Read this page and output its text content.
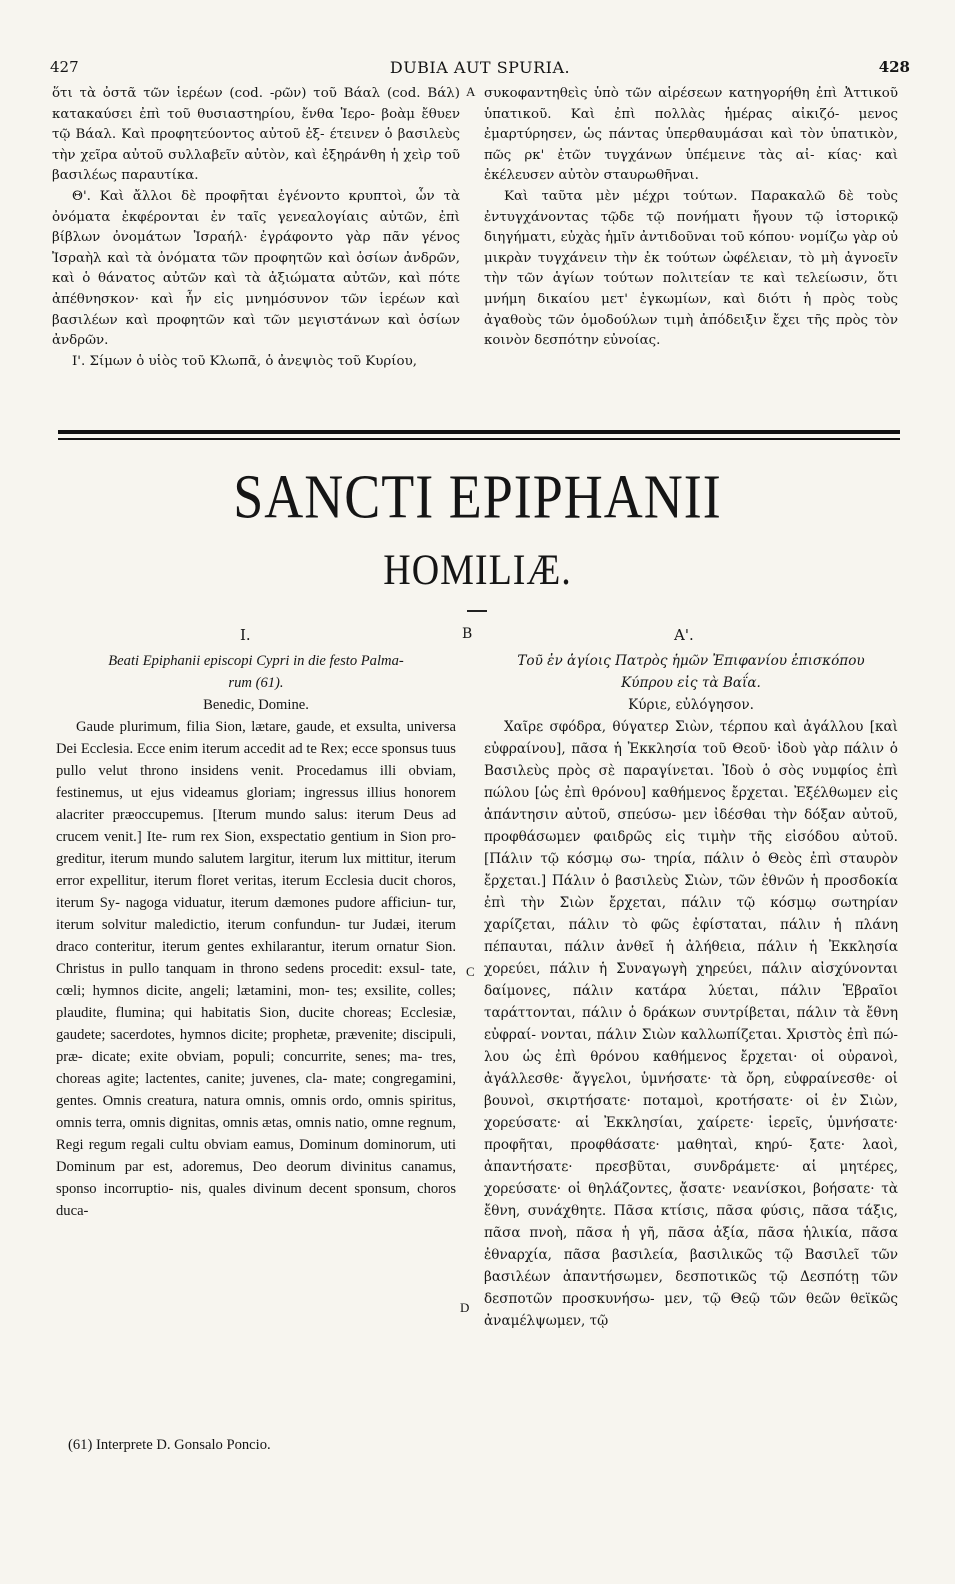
427	DUBIA AUT SPURIA.	428

ὅτι τὰ ὀστᾶ τῶν ἱερέων (cod. -ρῶν) τοῦ Βάαλ (cod. Βάλ) κατακαύσει ἐπὶ τοῦ θυσιαστηρίου, ἔνθα Ἱερο- βοὰμ ἔθυεν τῷ Βάαλ. Καὶ προφητεύοντος αὐτοῦ ἐξ- έτεινεν ὁ βασιλεὺς τὴν χεῖρα αὐτοῦ συλλαβεῖν αὐτὸν, καὶ ἐξηράνθη ἡ χεὶρ τοῦ βασιλέως παραυτίκα.

Θ'. Καὶ ἄλλοι δὲ προφῆται ἐγένοντο κρυπτοὶ, ὧν τὰ ὀνόματα ἐκφέρονται ἐν ταῖς γενεαλογίαις αὐτῶν, ἐπὶ βίβλων ὀνομάτων Ἰσραήλ· ἐγράφοντο γὰρ πᾶν γένος Ἰσραὴλ καὶ τὰ ὀνόματα τῶν προφητῶν καὶ ὁσίων ἀνδρῶν, καὶ ὁ θάνατος αὐτῶν καὶ τὰ ἀξιώματα αὐτῶν, καὶ πότε ἀπέθνησκον· καὶ ἦν εἰς μνημόσυνον τῶν ἱερέων καὶ βασιλέων καὶ προφητῶν καὶ τῶν μεγιστάνων καὶ ὁσίων ἀνδρῶν.

Ι'. Σίμων ὁ υἱὸς τοῦ Κλωπᾶ, ὁ ἀνεψιὸς τοῦ Κυρίου,

A συκοφαντηθεὶς ὑπὸ τῶν αἱρέσεων κατηγορήθη ἐπὶ Ἀττικοῦ ὑπατικοῦ. Καὶ ἐπὶ πολλὰς ἡμέρας αἰκιζό- μενος ἐμαρτύρησεν, ὡς πάντας ὑπερθαυμάσαι καὶ τὸν ὑπατικὸν, πῶς ρκ' ἐτῶν τυγχάνων ὑπέμεινε τὰς αἰ- κίας· καὶ ἐκέλευσεν αὐτὸν σταυρωθῆναι.

Καὶ ταῦτα μὲν μέχρι τούτων. Παρακαλῶ δὲ τοὺς ἐντυγχάνοντας τῷδε τῷ πονήματι ἤγουν τῷ ἱστορικῷ διηγήματι, εὐχὰς ἡμῖν ἀντιδοῦναι τοῦ κόπου· νομίζω γὰρ οὐ μικρὰν τυγχάνειν τὴν ἐκ τούτων ὠφέλειαν, τὸ μὴ ἀγνοεῖν τὴν τῶν ἁγίων τούτων πολιτείαν τε καὶ τελείωσιν, ὅτι μνήμη δικαίου μετ' ἐγκωμίων, καὶ διότι ἡ πρὸς τοὺς ἀγαθοὺς τῶν ὁμοδούλων τιμὴ ἀπόδειξιν ἔχει τῆς πρὸς τὸν κοινὸν δεσπότην εὐνοίας.

SANCTI EPIPHANII
HOMILIÆ.
I.	B	Α'.

Beati Epiphanii episcopi Cypri in die festo Palma-
rum (61).

Benedic, Domine.

Gaude plurimum, filia Sion, lætare, gaude, et exsulta, universa Dei Ecclesia. Ecce enim iterum accedit ad te Rex; ecce sponsus tuus pullo velut throno insidens venit. Procedamus illi obviam, festinemus, ut ejus videamus gloriam; ingressus illius honorem alacriter præoccupemus. [Iterum mundo salus: iterum Deus ad crucem venit.] Ite- rum rex Sion, exspectatio gentium in Sion pro- greditur, iterum mundo salutem largitur, iterum lux mittitur, iterum error expellitur, iterum floret veritas, iterum Ecclesia ducit choros, iterum Sy- nagoga viduatur, iterum dæmones pudore afficiun- tur, iterum solvitur maledictio, iterum confundun- tur Judæi, iterum draco conteritur, iterum gentes exhilarantur, iterum ornatur Sion. Christus in pullo tanquam in throno sedens procedit: exsul- tate, cœli; hymnos dicite, angeli; lætamini, mon- tes; exsilite, colles; plaudite, flumina; qui habitatis Sion, ducite choreas; Ecclesiæ, gaudete; sacerdotes, hymnos dicite; prophetæ, prævenite; discipuli, præ- dicate; exite obviam, populi; concurrite, senes; ma- tres, choreas agite; lactentes, canite; juvenes, cla- mate; congregamini, gentes. Omnis creatura, natura omnis, omnis ordo, omnis spiritus, omnis terra, omnis dignitas, omnis ætas, omnis natio, omne regnum, Regi regum regali cultu obviam eamus, Dominum dominorum, uti Dominum par est, adoremus, Deo deorum divinitus canamus, sponso incorruptio- nis, quales divinum decent sponsum, choros duca-

C
D

Τοῦ ἐν ἁγίοις Πατρὸς ἡμῶν Ἐπιφανίου ἐπισκόπου
Κύπρου εἰς τὰ Βαΐα.

Κύριε, εὐλόγησον.

Χαῖρε σφόδρα, θύγατερ Σιὼν, τέρπου καὶ ἀγάλλου [καὶ εὐφραίνου], πᾶσα ἡ Ἐκκλησία τοῦ Θεοῦ· ἰδοὺ γὰρ πάλιν ὁ Βασιλεὺς πρὸς σὲ παραγίνεται. Ἰδοὺ ὁ σὸς νυμφίος ἐπὶ πώλου [ὡς ἐπὶ θρόνου] καθήμενος ἔρχεται. Ἐξέλθωμεν εἰς ἀπάντησιν αὐτοῦ, σπεύσω- μεν ἰδέσθαι τὴν δόξαν αὐτοῦ, προφθάσωμεν φαιδρῶς εἰς τιμὴν τῆς εἰσόδου αὐτοῦ. [Πάλιν τῷ κόσμῳ σω- τηρία, πάλιν ὁ Θεὸς ἐπὶ σταυρὸν ἔρχεται.] Πάλιν ὁ βασιλεὺς Σιὼν, τῶν ἐθνῶν ἡ προσδοκία ἐπὶ τὴν Σιὼν ἔρχεται, πάλιν τῷ κόσμῳ σωτηρίαν χαρίζεται, πάλιν τὸ φῶς ἐφίσταται, πάλιν ἡ πλάνη πέπαυται, πάλιν ἀνθεῖ ἡ ἀλήθεια, πάλιν ἡ Ἐκκλησία χορεύει, πάλιν ἡ Συναγωγὴ χηρεύει, πάλιν αἰσχύνονται δαίμονες, πάλιν κατάρα λύεται, πάλιν Ἑβραῖοι ταράττονται, πάλιν ὁ δράκων συντρίβεται, πάλιν τὰ ἔθνη εὐφραί- νονται, πάλιν Σιὼν καλλωπίζεται. Χριστὸς ἐπὶ πώ- λου ὡς ἐπὶ θρόνου καθήμενος ἔρχεται· οἱ οὐρανοὶ, ἀγάλλεσθε· ἄγγελοι, ὑμνήσατε· τὰ ὄρη, εὐφραίνεσθε· οἱ βουνοὶ, σκιρτήσατε· ποταμοὶ, κροτήσατε· οἱ ἐν Σιὼν, χορεύσατε· αἱ Ἐκκλησίαι, χαίρετε· ἱερεῖς, ὑμνήσατε· προφῆται, προφθάσατε· μαθηταὶ, κηρύ- ξατε· λαοὶ, ἀπαντήσατε· πρεσβῦται, συνδράμετε· αἱ μητέρες, χορεύσατε· οἱ θηλάζοντες, ᾄσατε· νεανίσκοι, βοήσατε· τὰ ἔθνη, συνάχθητε. Πᾶσα κτίσις, πᾶσα φύσις, πᾶσα τάξις, πᾶσα πνοὴ, πᾶσα ἡ γῆ, πᾶσα ἀξία, πᾶσα ἡλικία, πᾶσα ἐθναρχία, πᾶσα βασιλεία, βασιλικῶς τῷ Βασιλεῖ τῶν βασιλέων ἀπαντήσωμεν, δεσποτικῶς τῷ Δεσπότῃ τῶν δεσποτῶν προσκυνήσω- μεν, τῷ Θεῷ τῶν θεῶν θεϊκῶς ἀναμέλψωμεν, τῷ

(61) Interprete D. Gonsalo Poncio.
